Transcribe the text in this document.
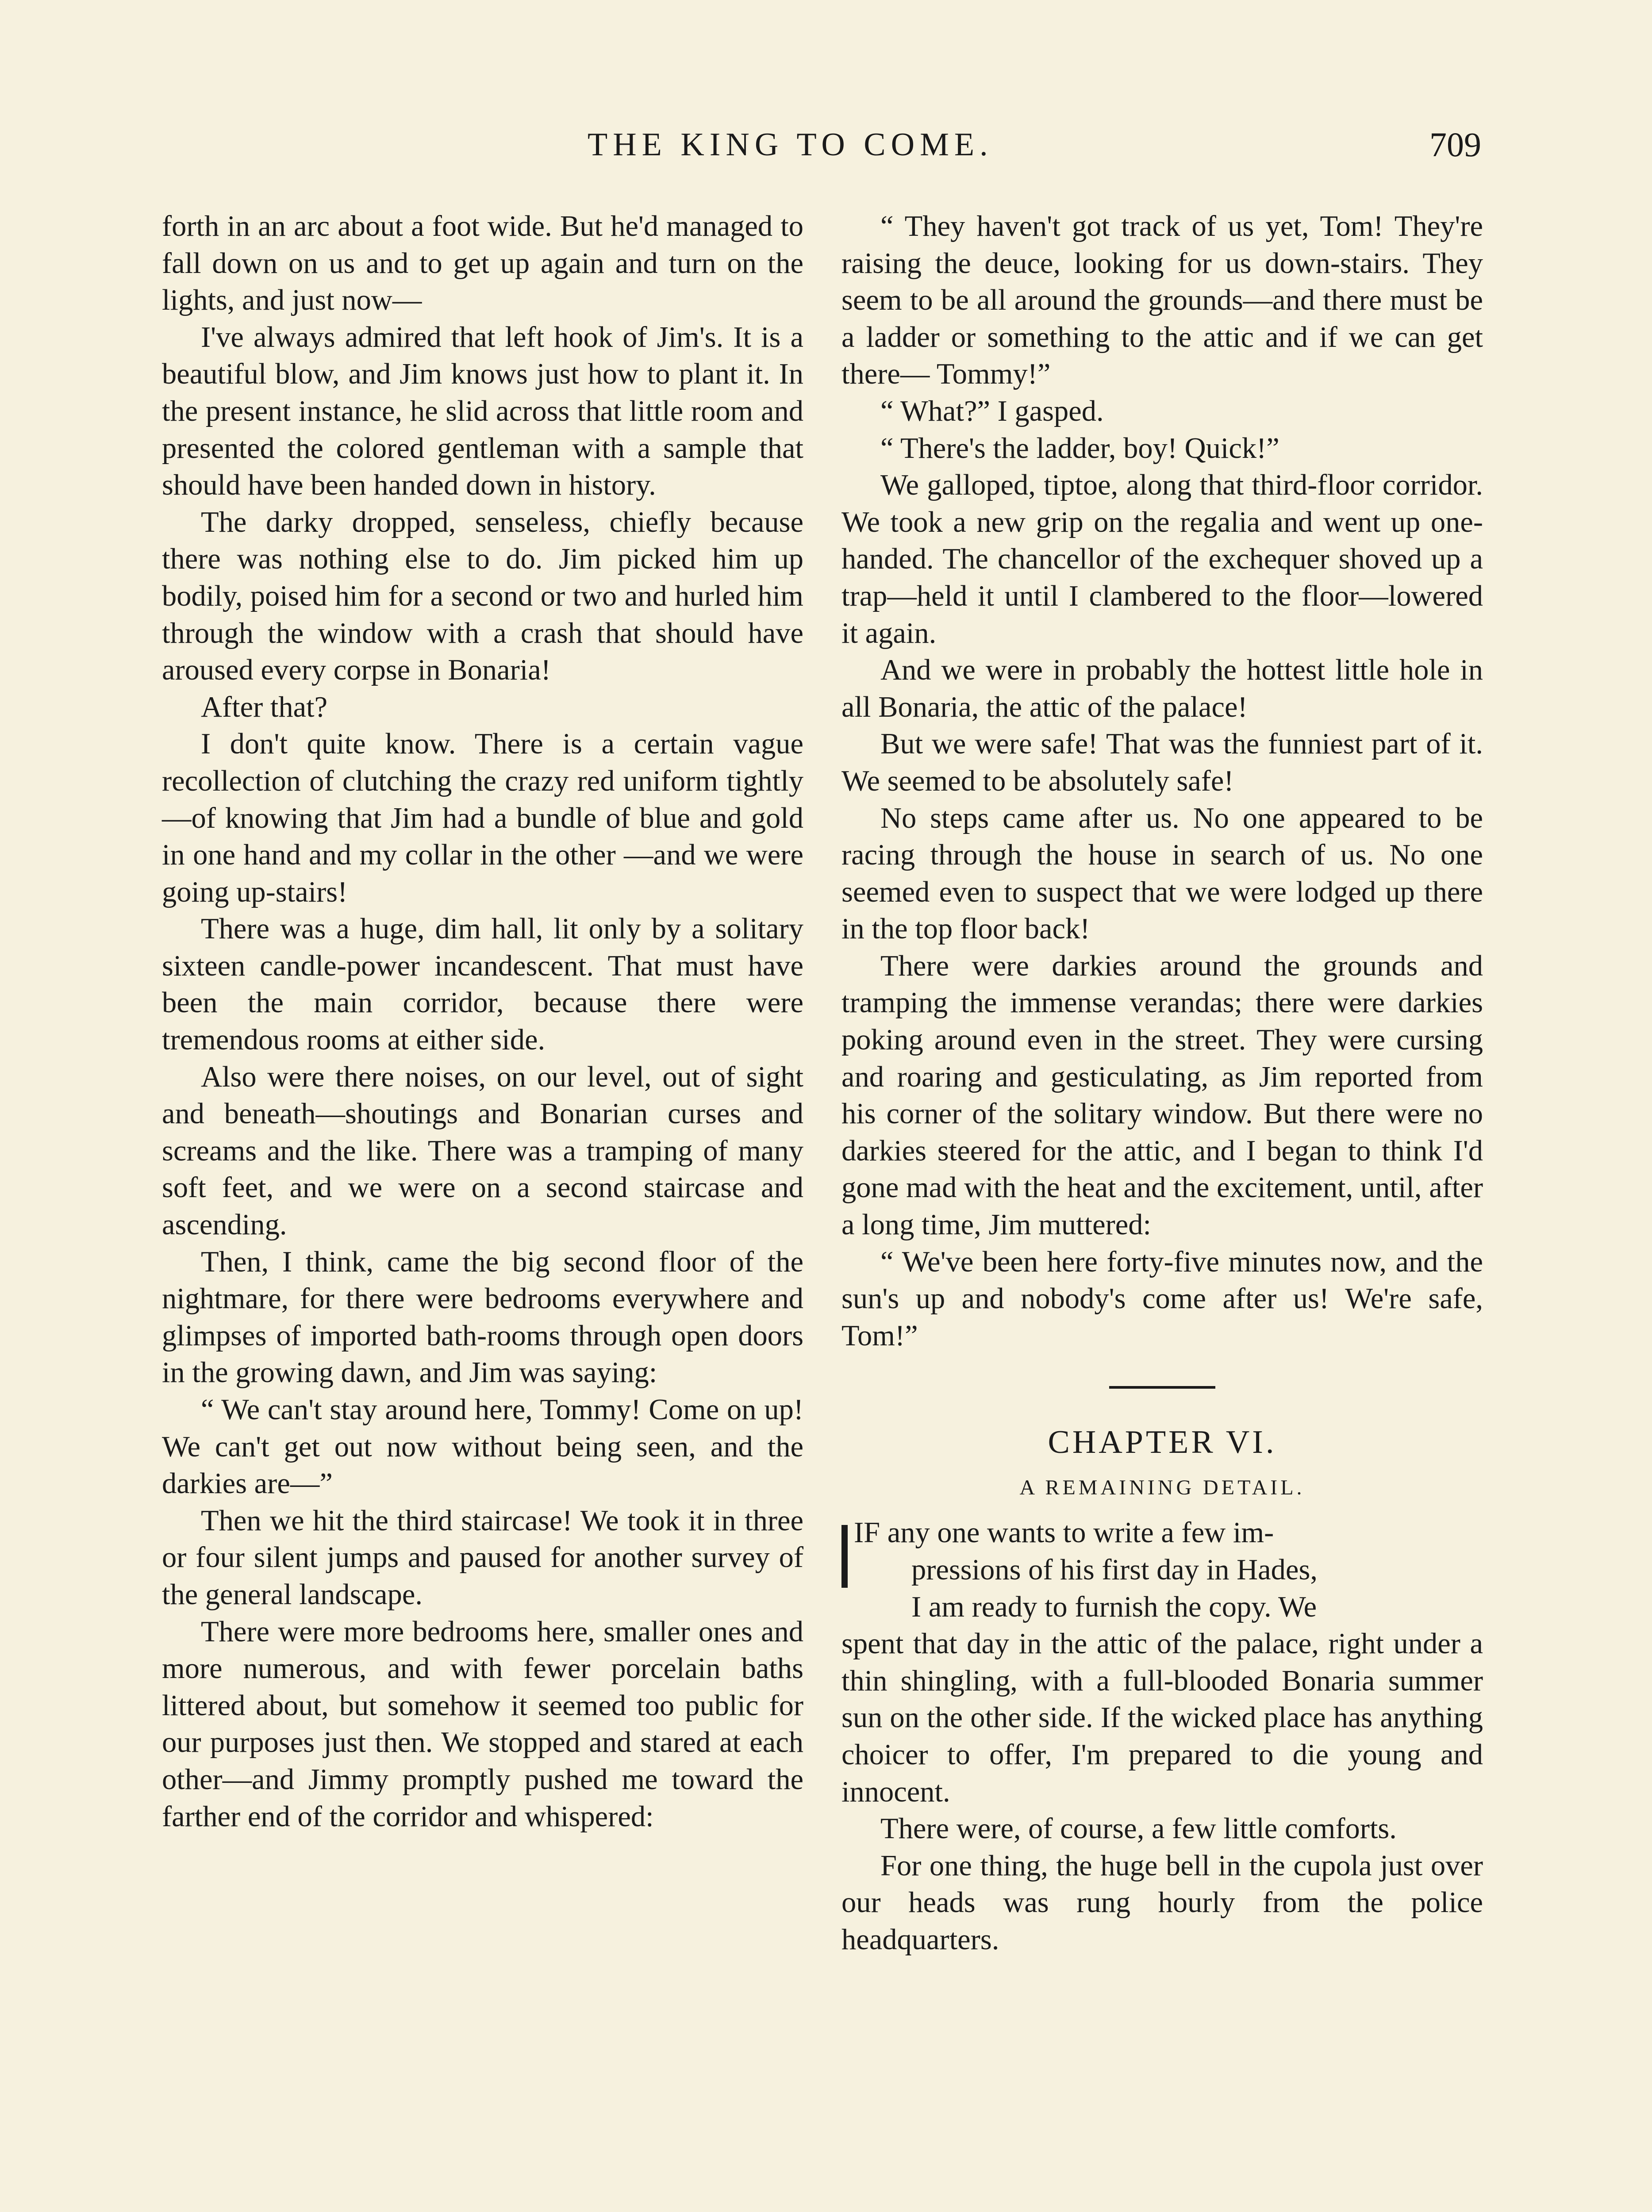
THE KING TO COME.	709

forth in an arc about a foot wide. But he'd managed to fall down on us and to get up again and turn on the lights, and just now—

I've always admired that left hook of Jim's. It is a beautiful blow, and Jim knows just how to plant it. In the present instance, he slid across that little room and presented the colored gentleman with a sample that should have been handed down in history.

The darky dropped, senseless, chiefly because there was nothing else to do. Jim picked him up bodily, poised him for a second or two and hurled him through the window with a crash that should have aroused every corpse in Bonaria!

After that?

I don't quite know. There is a certain vague recollection of clutching the crazy red uniform tightly—of knowing that Jim had a bundle of blue and gold in one hand and my collar in the other —and we were going up-stairs!

There was a huge, dim hall, lit only by a solitary sixteen candle-power incandescent. That must have been the main corridor, because there were tremendous rooms at either side.

Also were there noises, on our level, out of sight and beneath—shoutings and Bonarian curses and screams and the like. There was a tramping of many soft feet, and we were on a second staircase and ascending.

Then, I think, came the big second floor of the nightmare, for there were bedrooms everywhere and glimpses of imported bath-rooms through open doors in the growing dawn, and Jim was saying:

“ We can't stay around here, Tommy! Come on up! We can't get out now without being seen, and the darkies are—”

Then we hit the third staircase! We took it in three or four silent jumps and paused for another survey of the general landscape.

There were more bedrooms here, smaller ones and more numerous, and with fewer porcelain baths littered about, but somehow it seemed too public for our purposes just then. We stopped and stared at each other—and Jimmy promptly pushed me toward the farther end of the corridor and whispered:

“ They haven't got track of us yet, Tom! They're raising the deuce, looking for us down-stairs. They seem to be all around the grounds—and there must be a ladder or something to the attic and if we can get there— Tommy!”

“ What?” I gasped.

“ There's the ladder, boy! Quick!”

We galloped, tiptoe, along that third-floor corridor. We took a new grip on the regalia and went up one-handed. The chancellor of the exchequer shoved up a trap—held it until I clambered to the floor—lowered it again.

And we were in probably the hottest little hole in all Bonaria, the attic of the palace!

But we were safe! That was the funniest part of it. We seemed to be absolutely safe!

No steps came after us. No one appeared to be racing through the house in search of us. No one seemed even to suspect that we were lodged up there in the top floor back!

There were darkies around the grounds and tramping the immense verandas; there were darkies poking around even in the street. They were cursing and roaring and gesticulating, as Jim reported from his corner of the solitary window. But there were no darkies steered for the attic, and I began to think I'd gone mad with the heat and the excitement, until, after a long time, Jim muttered:

“ We've been here forty-five minutes now, and the sun's up and nobody's come after us! We're safe, Tom!”

CHAPTER VI.
A REMAINING DETAIL.

IF any one wants to write a few im-
pressions of his first day in Hades,
I am ready to furnish the copy. We
spent that day in the attic of the palace, right under a thin shingling, with a full-blooded Bonaria summer sun on the other side. If the wicked place has anything choicer to offer, I'm prepared to die young and innocent.

There were, of course, a few little comforts.

For one thing, the huge bell in the cupola just over our heads was rung hourly from the police headquarters.
